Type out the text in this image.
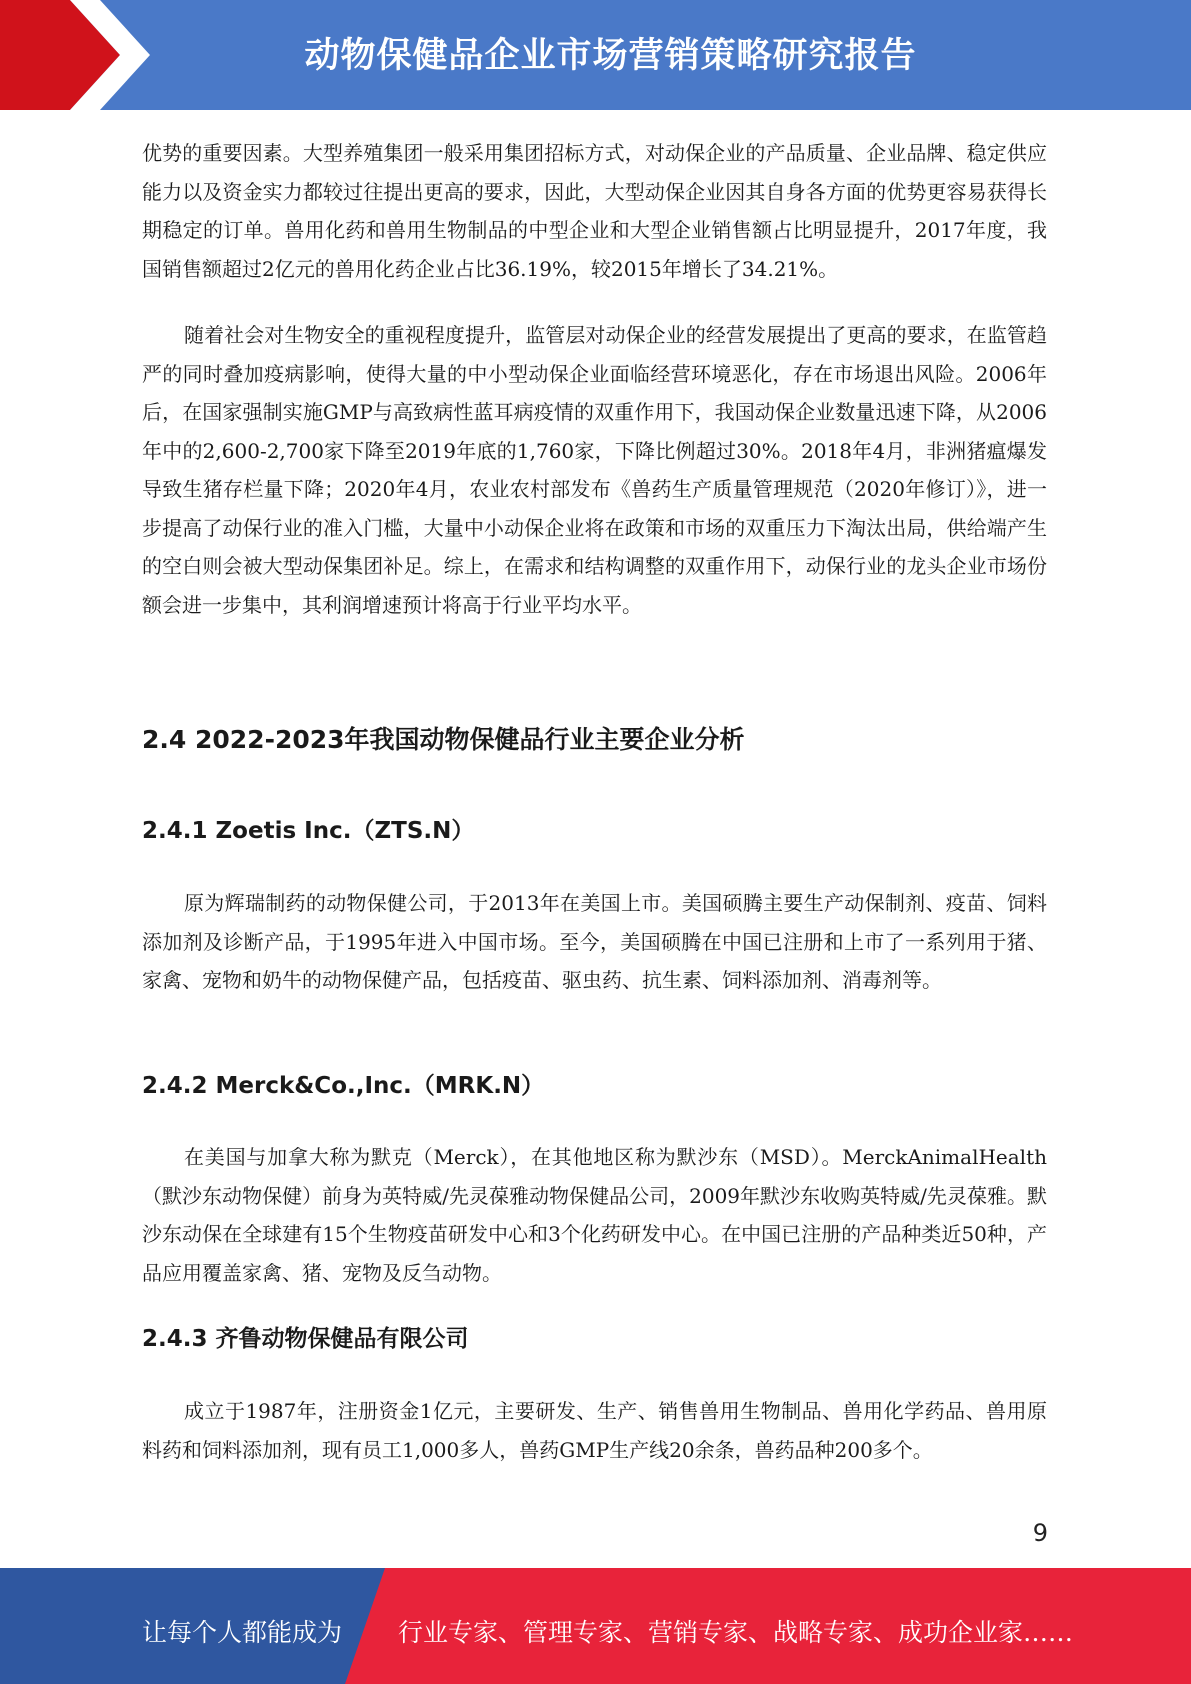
动物保健品企业市场营销策略研究报告

优势的重要因素。大型养殖集团一般采用集团招标方式，对动保企业的产品质量、企业品牌、稳定供应能力以及资金实力都较过往提出更高的要求，因此，大型动保企业因其自身各方面的优势更容易获得长期稳定的订单。兽用化药和兽用生物制品的中型企业和大型企业销售额占比明显提升，2017年度，我国销售额超过2亿元的兽用化药企业占比36.19%，较2015年增长了34.21%。

随着社会对生物安全的重视程度提升，监管层对动保企业的经营发展提出了更高的要求，在监管趋严的同时叠加疫病影响，使得大量的中小型动保企业面临经营环境恶化，存在市场退出风险。2006年后，在国家强制实施GMP与高致病性蓝耳病疫情的双重作用下，我国动保企业数量迅速下降，从2006年中的2,600-2,700家下降至2019年底的1,760家，下降比例超过30%。2018年4月，非洲猪瘟爆发导致生猪存栏量下降；2020年4月，农业农村部发布《兽药生产质量管理规范（2020年修订）》，进一步提高了动保行业的准入门槛，大量中小动保企业将在政策和市场的双重压力下淘汰出局，供给端产生的空白则会被大型动保集团补足。综上，在需求和结构调整的双重作用下，动保行业的龙头企业市场份额会进一步集中，其利润增速预计将高于行业平均水平。

2.4 2022-2023年我国动物保健品行业主要企业分析
2.4.1 Zoetis Inc.（ZTS.N）

原为辉瑞制药的动物保健公司，于2013年在美国上市。美国硕腾主要生产动保制剂、疫苗、饲料添加剂及诊断产品，于1995年进入中国市场。至今，美国硕腾在中国已注册和上市了一系列用于猪、家禽、宠物和奶牛的动物保健产品，包括疫苗、驱虫药、抗生素、饲料添加剂、消毒剂等。

2.4.2 Merck&Co.,Inc.（MRK.N）

在美国与加拿大称为默克（Merck），在其他地区称为默沙东（MSD）。MerckAnimalHealth（默沙东动物保健）前身为英特威/先灵葆雅动物保健品公司，2009年默沙东收购英特威/先灵葆雅。默沙东动保在全球建有15个生物疫苗研发中心和3个化药研发中心。在中国已注册的产品种类近50种，产品应用覆盖家禽、猪、宠物及反刍动物。

2.4.3 齐鲁动物保健品有限公司

成立于1987年，注册资金1亿元，主要研发、生产、销售兽用生物制品、兽用化学药品、兽用原料药和饲料添加剂，现有员工1,000多人，兽药GMP生产线20余条，兽药品种200多个。

9
让每个人都能成为 行业专家、管理专家、营销专家、战略专家、成功企业家……
